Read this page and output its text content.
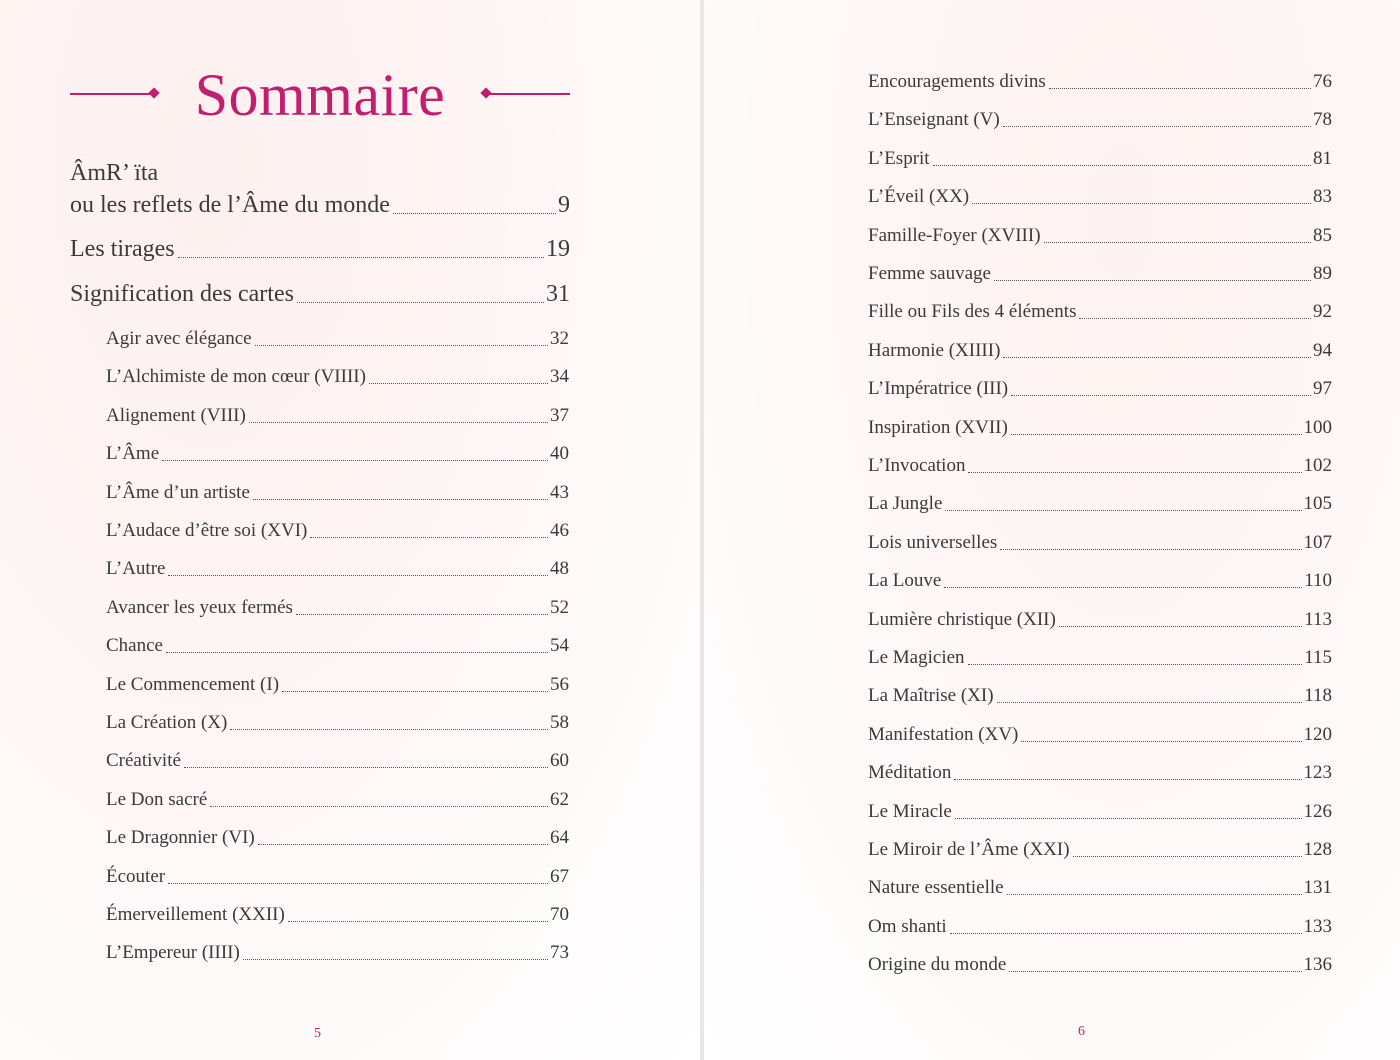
Sommaire
ÂmR’ ïta
ou les reflets de l’Âme du monde	9
Les tirages	19
Signification des cartes	31
Agir avec élégance	32
L’Alchimiste de mon cœur (VIIII)	34
Alignement (VIII)	37
L’Âme	40
L’Âme d’un artiste	43
L’Audace d’être soi (XVI)	46
L’Autre	48
Avancer les yeux fermés	52
Chance	54
Le Commencement (I)	56
La Création (X)	58
Créativité	60
Le Don sacré	62
Le Dragonnier (VI)	64
Écouter	67
Émerveillement (XXII)	70
L’Empereur (IIII)	73
5
Encouragements divins	76
L’Enseignant (V)	78
L’Esprit	81
L’Éveil (XX)	83
Famille-Foyer (XVIII)	85
Femme sauvage	89
Fille ou Fils des 4 éléments	92
Harmonie (XIIII)	94
L’Impératrice (III)	97
Inspiration (XVII)	100
L’Invocation	102
La Jungle	105
Lois universelles	107
La Louve	110
Lumière christique (XII)	113
Le Magicien	115
La Maîtrise (XI)	118
Manifestation (XV)	120
Méditation	123
Le Miracle	126
Le Miroir de l’Âme (XXI)	128
Nature essentielle	131
Om shanti	133
Origine du monde	136
6
